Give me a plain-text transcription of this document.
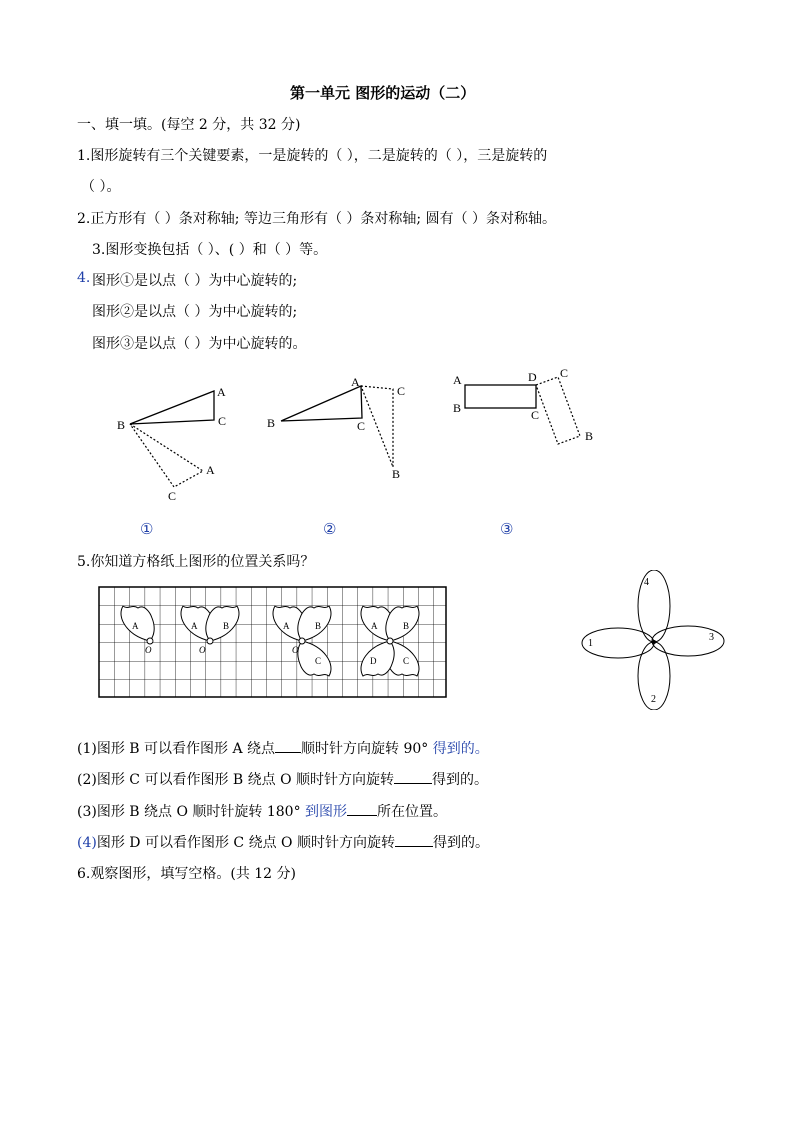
第一单元 图形的运动（二）
一、填一填。(每空 2 分，共 32 分)
1.图形旋转有三个关键要素，一是旋转的（ ），二是旋转的（ ），三是旋转的
（ ）。
2.正方形有（ ）条对称轴; 等边三角形有（ ）条对称轴; 圆有（ ）条对称轴。
3.图形变换包括（ ）、( ）和（ ）等。
4. 图形①是以点（ ）为中心旋转的;
图形②是以点（ ）为中心旋转的;
图形③是以点（ ）为中心旋转的。
A
B	C
A
C
A
B	C
C
B
A
B
D
C
C
B
①	②	③
5.你知道方格纸上图形的位置关系吗？
A
O
A	B
O
A	B
C
O
A	B
C
D
1
2
3
4
(1)图形 B 可以看作图形 A 绕点 顺时针方向旋转 90° 得到的。
(2)图形 C 可以看作图形 B 绕点 O 顺时针方向旋转	得到的。
(3)图形 B 绕点 O 顺时针旋转 180° 到图形 所在位置。
(4)图形 D 可以看作图形 C 绕点 O 顺时针方向旋转	得到的。
6.观察图形，填写空格。(共 12 分)
